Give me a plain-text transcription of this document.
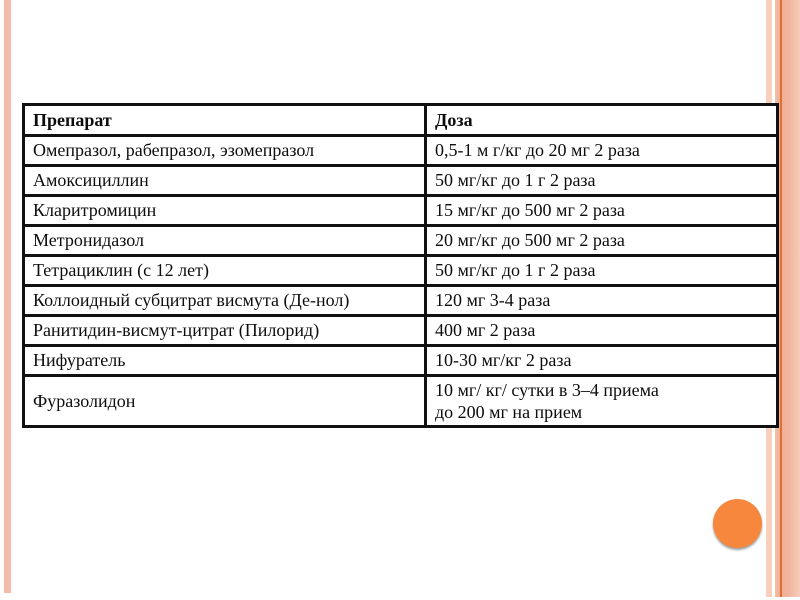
Препарат	Доза
Омепразол, рабепразол, эзомепразол	0,5-1 м г/кг до 20 мг 2 раза
Амоксициллин	50 мг/кг до 1 г 2 раза
Кларитромицин	15 мг/кг до 500 мг 2 раза
Метронидазол	20 мг/кг до 500 мг 2 раза
Тетрациклин (с 12 лет)	50 мг/кг до 1 г 2 раза
Коллоидный субцитрат висмута (Де-нол)	120 мг 3-4 раза
Ранитидин-висмут-цитрат (Пилорид)	400 мг 2 раза
Нифуратель	10-30 мг/кг 2 раза
Фуразолидон	10 мг/ кг/ сутки в 3–4 приема
до 200 мг на прием
